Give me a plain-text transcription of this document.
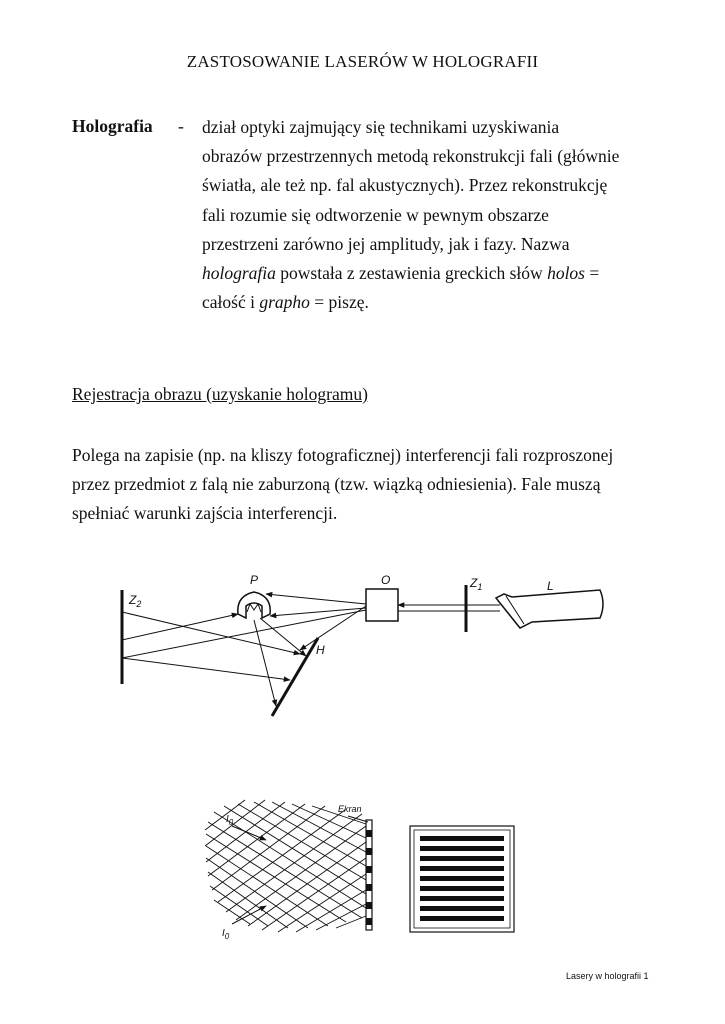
ZASTOSOWANIE LASERÓW W HOLOGRAFII
Holografia - dział optyki zajmujący się technikami uzyskiwania
obrazów przestrzennych metodą rekonstrukcji fali (głównie
światła, ale też np. fal akustycznych). Przez rekonstrukcję
fali rozumie się odtworzenie w pewnym obszarze
przestrzeni zarówno jej amplitudy, jak i fazy. Nazwa
holografia powstała z zestawienia greckich słów holos =
całość i grapho = piszę.
Rejestracja obrazu (uzyskanie hologramu)
Polega na zapisie (np. na kliszy fotograficznej) interferencji fali rozproszonej
przez przedmiot z falą nie zaburzoną (tzw. wiązką odniesienia). Fale muszą
spełniać warunki zajścia interferencji.
$Z_2$
P	O	$Z_1$	L
H
$I_0$
$I_0$
Ekran
Lasery w holografii 1
